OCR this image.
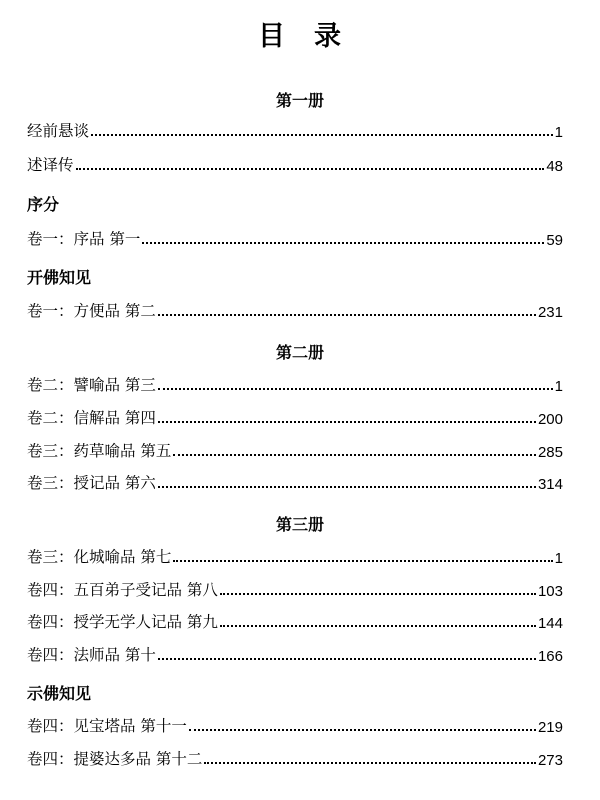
目 录
第一册
经前悬谈	1
述译传	48
序分
卷一：序品 第一	59
开佛知见
卷一：方便品 第二	231
第二册
卷二：譬喻品 第三	1
卷二：信解品 第四	200
卷三：药草喻品 第五	285
卷三：授记品 第六	314
第三册
卷三：化城喻品 第七	1
卷四：五百弟子受记品 第八	103
卷四：授学无学人记品 第九	144
卷四：法师品 第十	166
示佛知见
卷四：见宝塔品 第十一	219
卷四：提婆达多品 第十二	273
